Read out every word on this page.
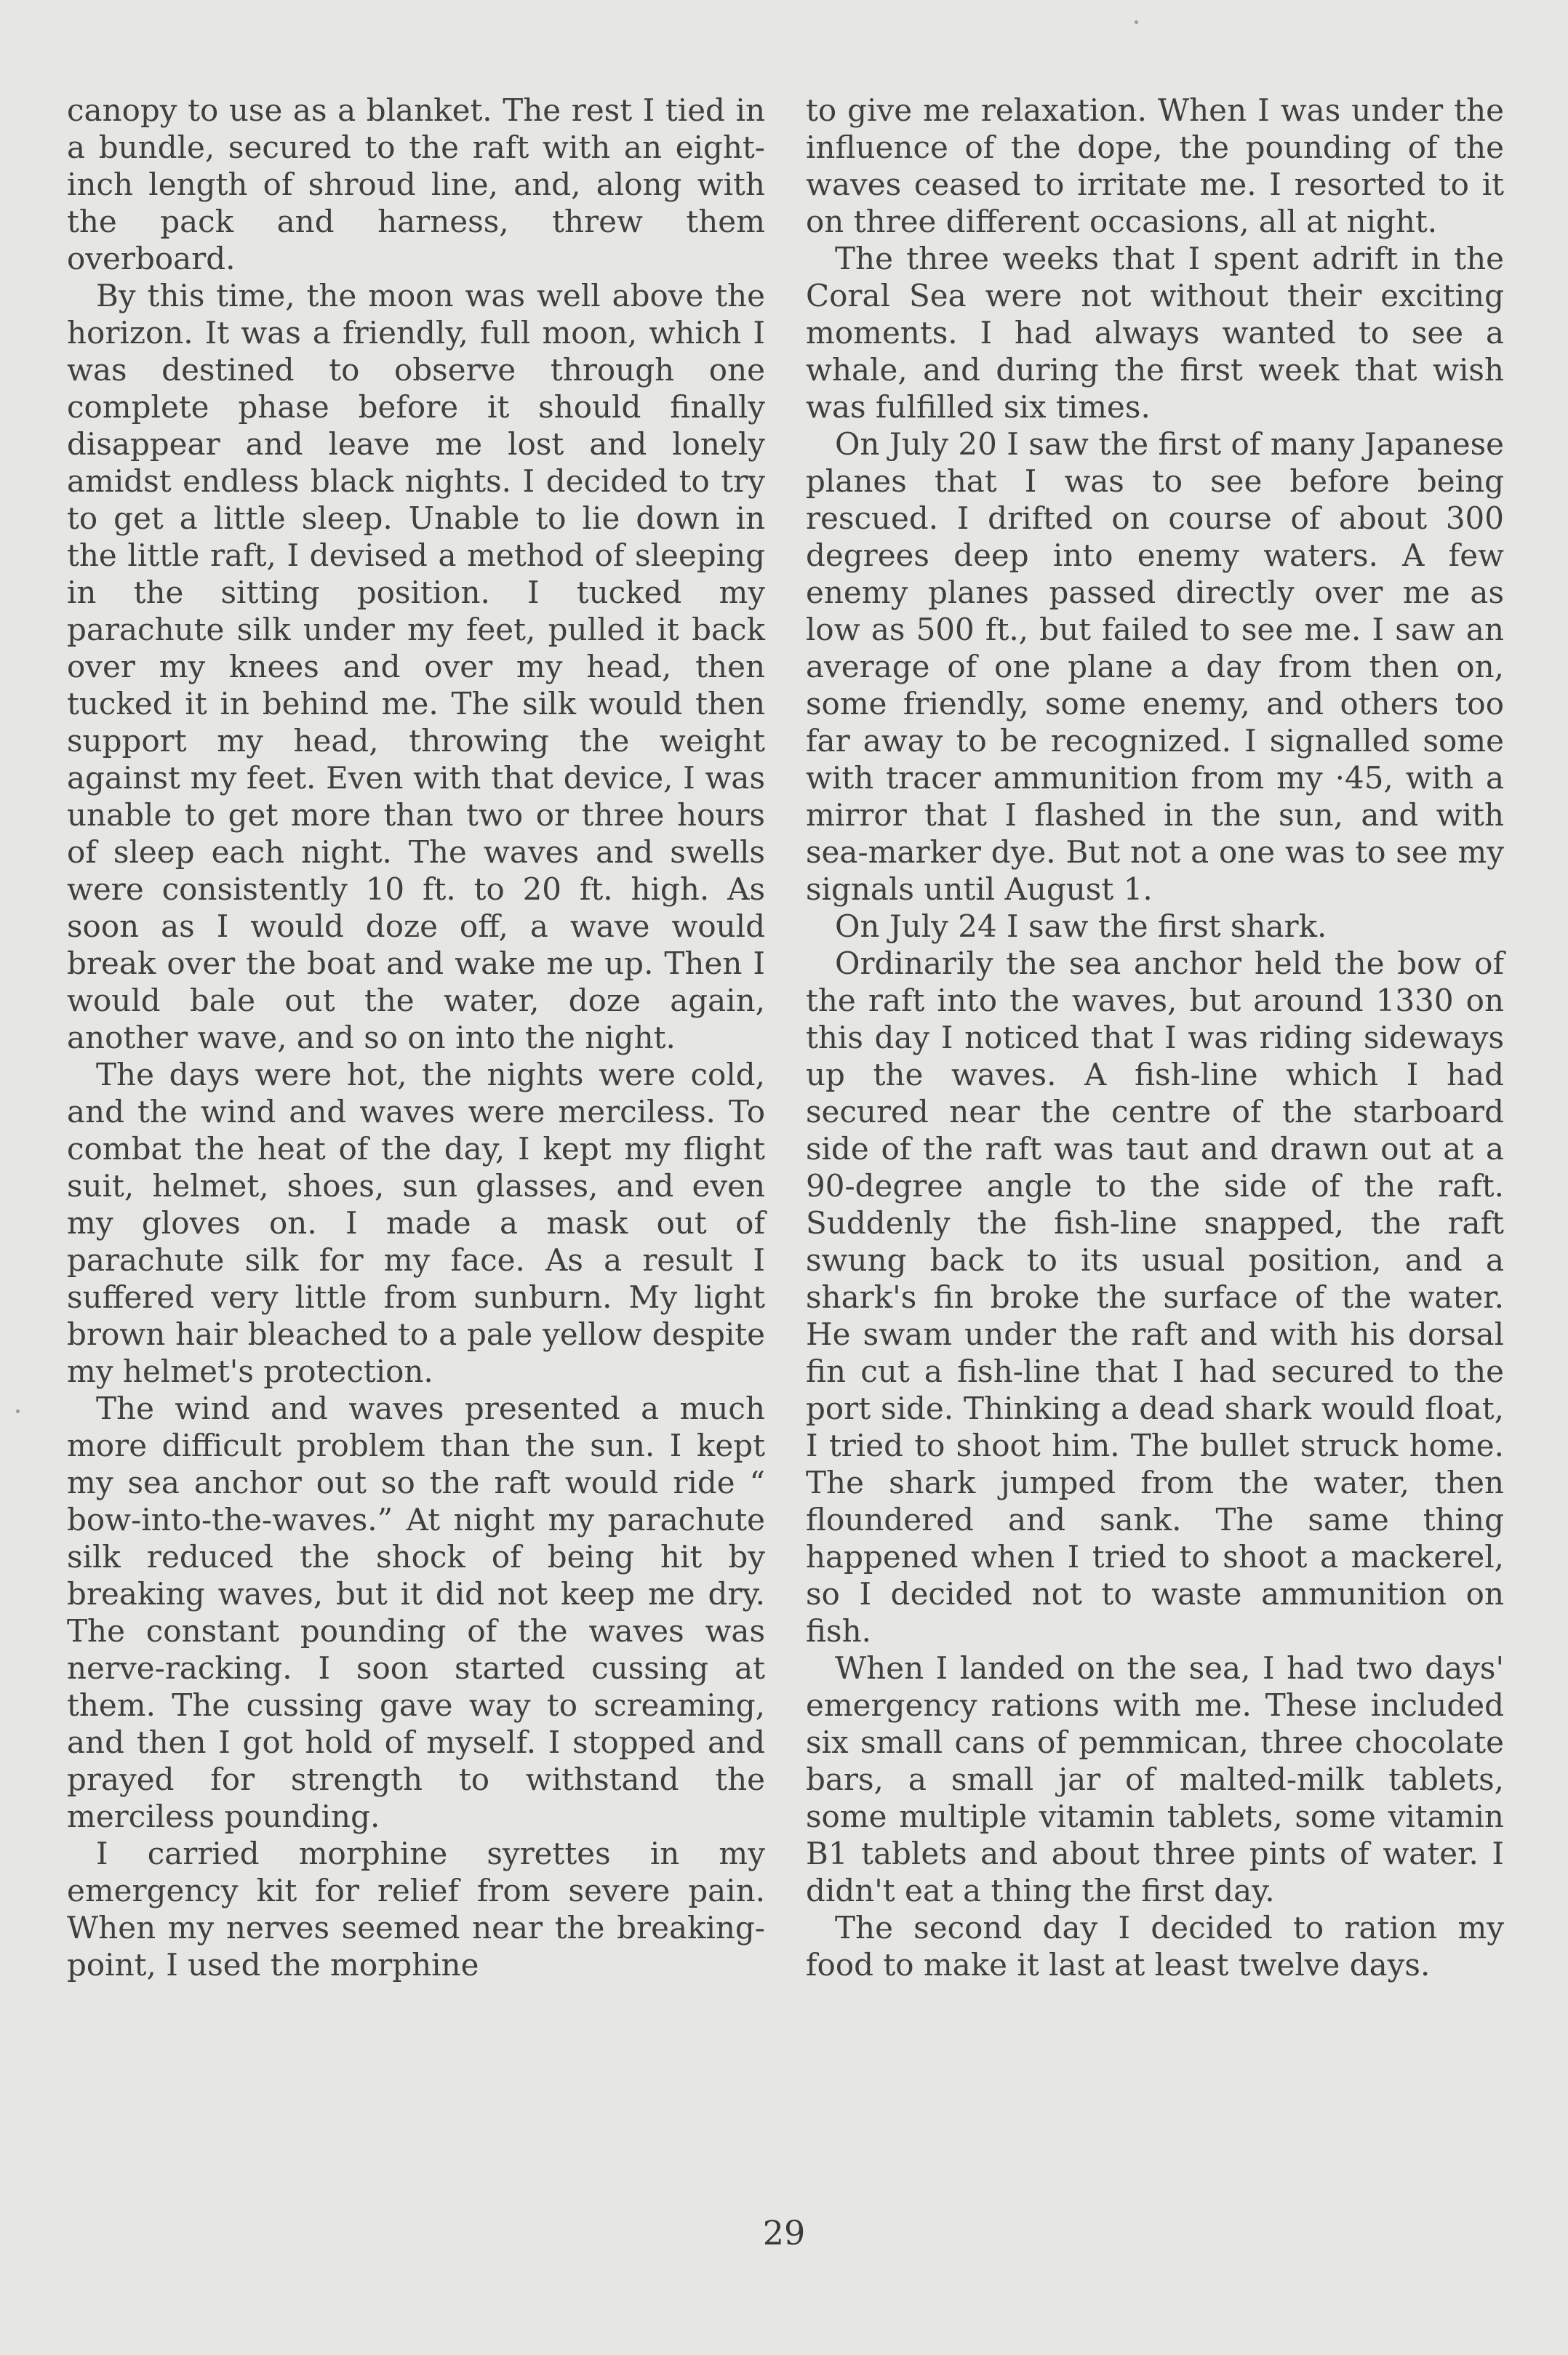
canopy to use as a blanket. The rest I tied in a bundle, secured to the raft with an eight-inch length of shroud line, and, along with the pack and harness, threw them overboard.

By this time, the moon was well above the horizon. It was a friendly, full moon, which I was destined to observe through one complete phase before it should finally disappear and leave me lost and lonely amidst endless black nights. I decided to try to get a little sleep. Unable to lie down in the little raft, I devised a method of sleeping in the sitting position. I tucked my parachute silk under my feet, pulled it back over my knees and over my head, then tucked it in behind me. The silk would then support my head, throwing the weight against my feet. Even with that device, I was unable to get more than two or three hours of sleep each night. The waves and swells were consistently 10 ft. to 20 ft. high. As soon as I would doze off, a wave would break over the boat and wake me up. Then I would bale out the water, doze again, another wave, and so on into the night.

The days were hot, the nights were cold, and the wind and waves were merciless. To combat the heat of the day, I kept my flight suit, helmet, shoes, sun glasses, and even my gloves on. I made a mask out of parachute silk for my face. As a result I suffered very little from sunburn. My light brown hair bleached to a pale yellow despite my helmet's protection.

The wind and waves presented a much more difficult problem than the sun. I kept my sea anchor out so the raft would ride “ bow-into-the-waves.” At night my parachute silk reduced the shock of being hit by breaking waves, but it did not keep me dry. The constant pounding of the waves was nerve-racking. I soon started cussing at them. The cussing gave way to screaming, and then I got hold of myself. I stopped and prayed for strength to withstand the merciless pounding.

I carried morphine syrettes in my emergency kit for relief from severe pain. When my nerves seemed near the breaking-point, I used the morphine

to give me relaxation. When I was under the influence of the dope, the pounding of the waves ceased to irritate me. I resorted to it on three different occasions, all at night.

The three weeks that I spent adrift in the Coral Sea were not without their exciting moments. I had always wanted to see a whale, and during the first week that wish was fulfilled six times.

On July 20 I saw the first of many Japanese planes that I was to see before being rescued. I drifted on course of about 300 degrees deep into enemy waters. A few enemy planes passed directly over me as low as 500 ft., but failed to see me. I saw an average of one plane a day from then on, some friendly, some enemy, and others too far away to be recognized. I signalled some with tracer ammunition from my ·45, with a mirror that I flashed in the sun, and with sea-marker dye. But not a one was to see my signals until August 1.

On July 24 I saw the first shark.

Ordinarily the sea anchor held the bow of the raft into the waves, but around 1330 on this day I noticed that I was riding sideways up the waves. A fish-line which I had secured near the centre of the starboard side of the raft was taut and drawn out at a 90-degree angle to the side of the raft. Suddenly the fish-line snapped, the raft swung back to its usual position, and a shark's fin broke the surface of the water. He swam under the raft and with his dorsal fin cut a fish-line that I had secured to the port side. Thinking a dead shark would float, I tried to shoot him. The bullet struck home. The shark jumped from the water, then floundered and sank. The same thing happened when I tried to shoot a mackerel, so I decided not to waste ammunition on fish.

When I landed on the sea, I had two days' emergency rations with me. These included six small cans of pemmican, three chocolate bars, a small jar of malted-milk tablets, some multiple vitamin tablets, some vitamin B1 tablets and about three pints of water. I didn't eat a thing the first day.

The second day I decided to ration my food to make it last at least twelve days.

29
